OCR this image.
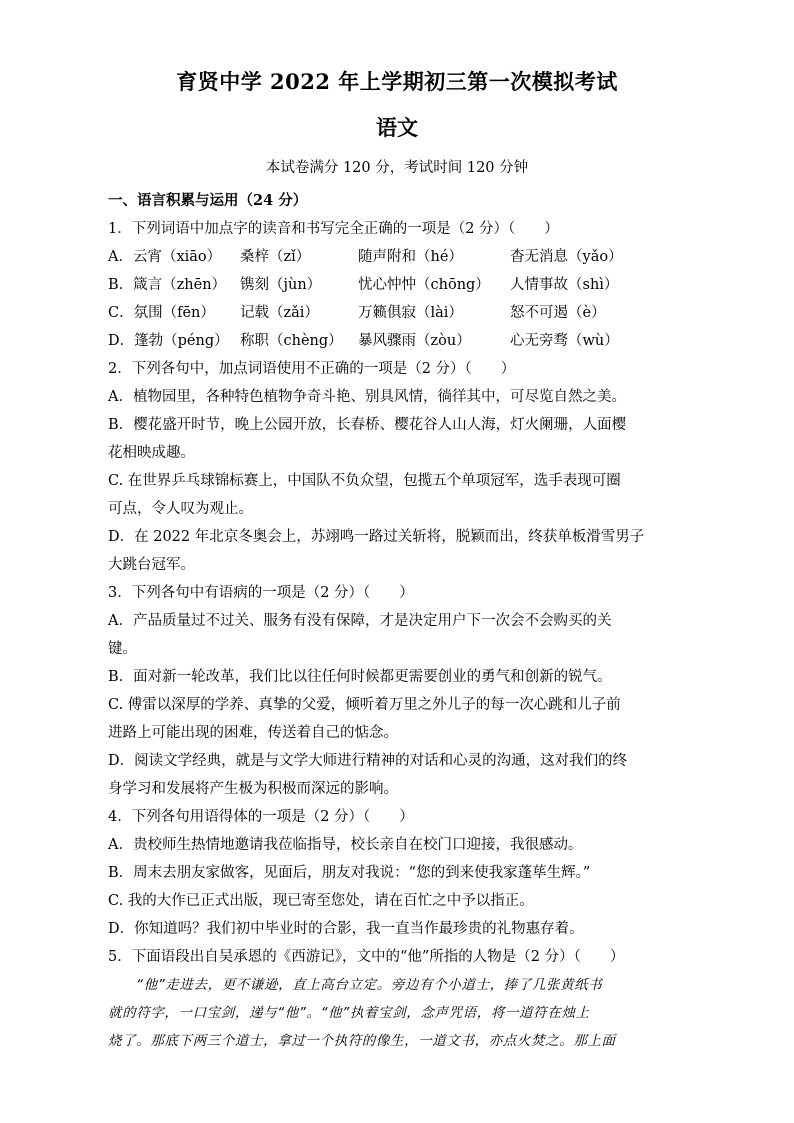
育贤中学 2022 年上学期初三第一次模拟考试
语文
本试卷满分 120 分，考试时间 120 分钟
一、语言积累与运用（24 分）
1．下列词语中加点字的读音和书写完全正确的一项是（2 分）（　　）
A．云宵（xiāo）	桑梓（zǐ）	随声附和（hé）	杳无消息（yǎo）
B．箴言（zhēn） 镌刻（jùn）	忧心忡忡（chōng）	人情事故（shì）
C．氛围（fēn）	记载（zǎi）	万籁俱寂（lài）	怒不可遏（è）
D．篷勃（péng） 称职（chèng）	暴风骤雨（zòu）	心无旁骛（wù）
2．下列各句中，加点词语使用不正确的一项是（2 分）（　　）
A．植物园里，各种特色植物争奇斗艳、别具风情，徜徉其中，可尽览自然之美。
B．樱花盛开时节，晚上公园开放，长春桥、樱花谷人山人海，灯火阑珊，人面樱
花相映成趣。
C. 在世界乒乓球锦标赛上，中国队不负众望，包揽五个单项冠军，选手表现可圈
可点，令人叹为观止。
D．在 2022 年北京冬奥会上，苏翊鸣一路过关斩将，脱颖而出，终获单板滑雪男子
大跳台冠军。
3．下列各句中有语病的一项是（2 分）（　　）
A．产品质量过不过关、服务有没有保障，才是决定用户下一次会不会购买的关
键。
B．面对新一轮改革，我们比以往任何时候都更需要创业的勇气和创新的锐气。
C. 傅雷以深厚的学养、真挚的父爱，倾听着万里之外儿子的每一次心跳和儿子前
进路上可能出现的困难，传送着自己的惦念。
D．阅读文学经典，就是与文学大师进行精神的对话和心灵的沟通，这对我们的终
身学习和发展将产生极为积极而深远的影响。
4．下列各句用语得体的一项是（2 分）（　　）
A．贵校师生热情地邀请我莅临指导，校长亲自在校门口迎接，我很感动。
B．周末去朋友家做客，见面后，朋友对我说：“您的到来使我家蓬荜生辉。”
C. 我的大作已正式出版，现已寄至您处，请在百忙之中予以指正。
D．你知道吗？我们初中毕业时的合影，我一直当作最珍贵的礼物惠存着。
5．下面语段出自吴承恩的《西游记》，文中的“他”所指的人物是（2 分）（　　）
“他”走进去，更不谦逊，直上高台立定。旁边有个小道士，捧了几张黄纸书
就的符字，一口宝剑，递与“他”。“他”执着宝剑，念声咒语，将一道符在烛上
烧了。那底下两三个道士，拿过一个执符的像生，一道文书，亦点火焚之。那上面
